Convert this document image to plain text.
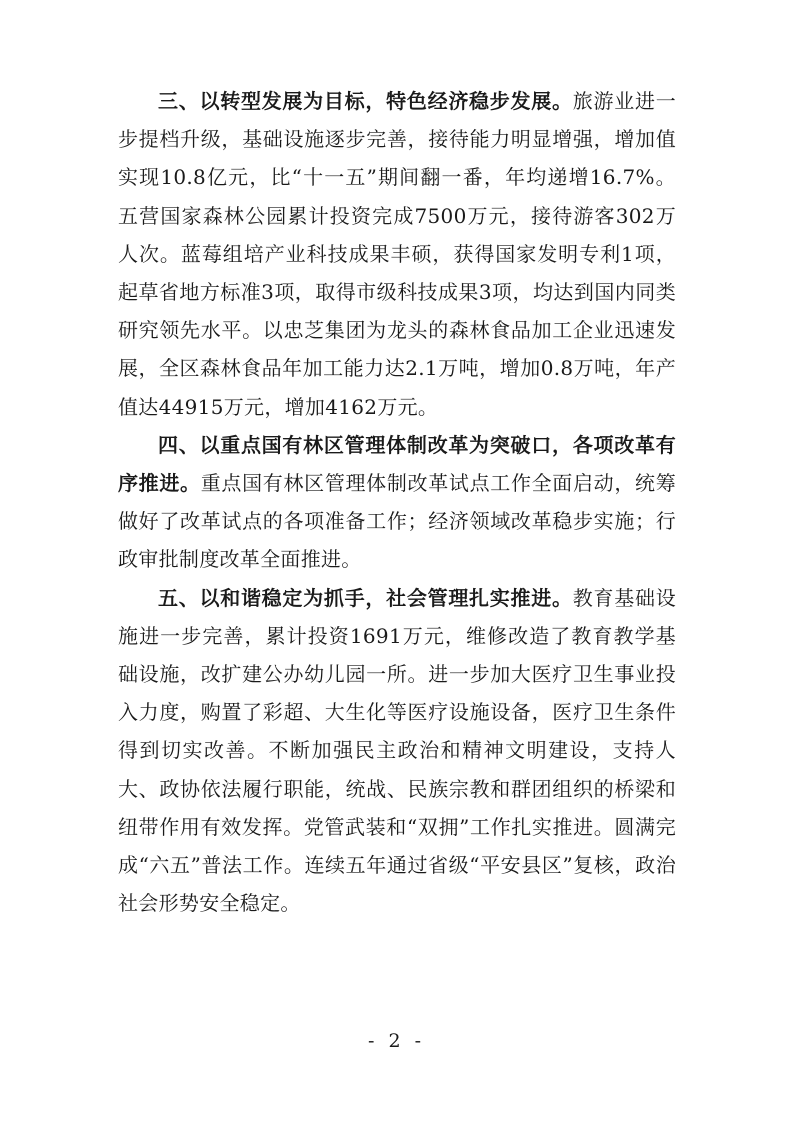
三、以转型发展为目标，特色经济稳步发展。旅游业进一步提档升级，基础设施逐步完善，接待能力明显增强，增加值实现10.8亿元，比“十一五”期间翻一番，年均递增16.7%。五营国家森林公园累计投资完成7500万元，接待游客302万人次。蓝莓组培产业科技成果丰硕，获得国家发明专利1项，起草省地方标准3项，取得市级科技成果3项，均达到国内同类研究领先水平。以忠芝集团为龙头的森林食品加工企业迅速发展，全区森林食品年加工能力达2.1万吨，增加0.8万吨，年产值达44915万元，增加4162万元。

四、以重点国有林区管理体制改革为突破口，各项改革有序推进。重点国有林区管理体制改革试点工作全面启动，统筹做好了改革试点的各项准备工作；经济领域改革稳步实施；行政审批制度改革全面推进。

五、以和谐稳定为抓手，社会管理扎实推进。教育基础设施进一步完善，累计投资1691万元，维修改造了教育教学基础设施，改扩建公办幼儿园一所。进一步加大医疗卫生事业投入力度，购置了彩超、大生化等医疗设施设备，医疗卫生条件得到切实改善。不断加强民主政治和精神文明建设，支持人大、政协依法履行职能，统战、民族宗教和群团组织的桥梁和纽带作用有效发挥。党管武装和“双拥”工作扎实推进。圆满完成“六五”普法工作。连续五年通过省级“平安县区”复核，政治社会形势安全稳定。

- 2 -
